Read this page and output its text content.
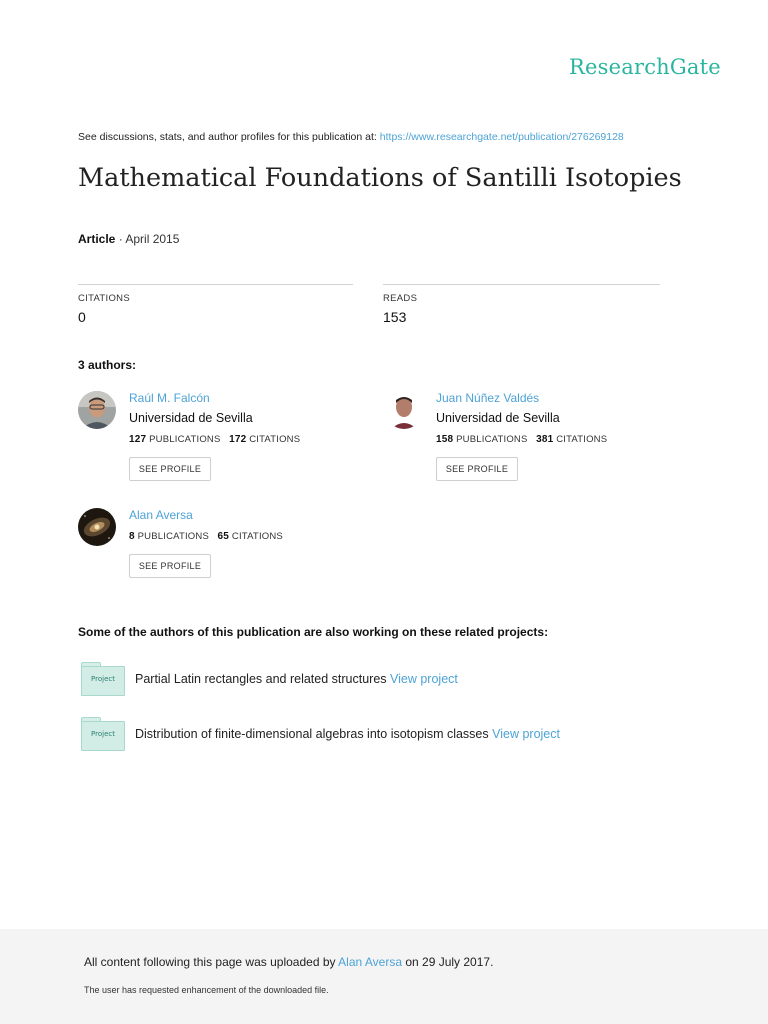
ResearchGate
See discussions, stats, and author profiles for this publication at: https://www.researchgate.net/publication/276269128
Mathematical Foundations of Santilli Isotopies
Article · April 2015
CITATIONS
0
READS
153
3 authors:
Raúl M. Falcón
Universidad de Sevilla
127 PUBLICATIONS 172 CITATIONS
SEE PROFILE
Juan Núñez Valdés
Universidad de Sevilla
158 PUBLICATIONS 381 CITATIONS
SEE PROFILE
Alan Aversa
8 PUBLICATIONS 65 CITATIONS
SEE PROFILE
Some of the authors of this publication are also working on these related projects:
Project	Partial Latin rectangles and related structures View project
Project	Distribution of finite-dimensional algebras into isotopism classes View project
All content following this page was uploaded by Alan Aversa on 29 July 2017.
The user has requested enhancement of the downloaded file.
